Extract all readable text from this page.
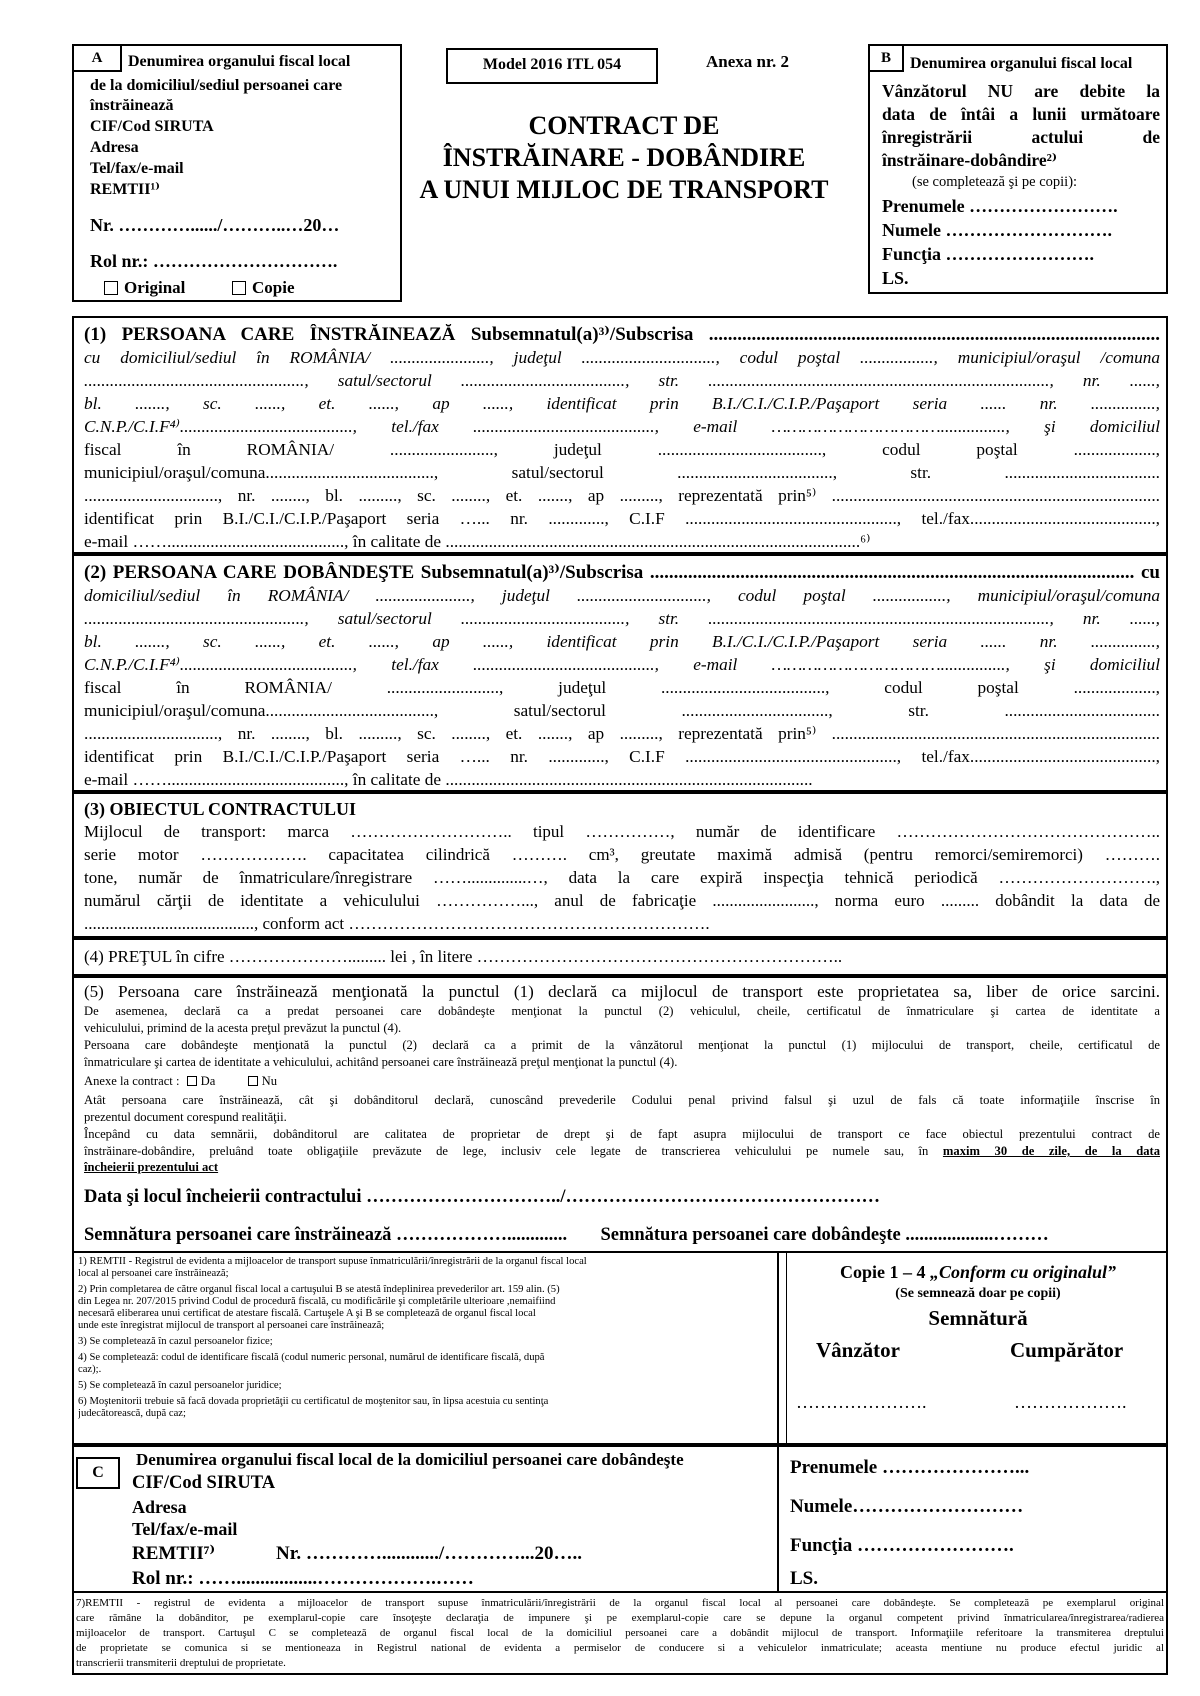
A	Denumirea organului fiscal local
de la domiciliul/sediul persoanei care
înstrăinează
CIF/Cod SIRUTA
Adresa
Tel/fax/e-mail
REMTII¹⁾
Nr. …………....../………..…20…
Rol nr.: ………………………….
Original	Copie
Model 2016 ITL 054	Anexa nr. 2
CONTRACT DE
ÎNSTRĂINARE - DOBÂNDIRE
A UNUI MIJLOC DE TRANSPORT
B	Denumirea organului fiscal local
Vânzătorul NU are debite la
data de întâi a lunii următoare
înregistrării actului de
înstrăinare-dobândire²⁾
(se completează şi pe copii):
Prenumele …………………….
Numele ……………………….
Funcţia …………………….
LS.
(1) PERSOANA CARE ÎNSTRĂINEAZĂ Subsemnatul(a)³⁾/Subscrisa ...............................................................................................
cu domiciliul/sediul în ROMÂNIA/ ......................., judeţul ..............................., codul poştal ................., municipiul/oraşul /comuna
..................................................., satul/sectorul ......................................, str. ..............................................................................., nr. ......,
bl. ......., sc. ......, et. ......, ap ......, identificat prin B.I./C.I./C.I.P./Paşaport seria ...... nr. ...............,
C.N.P./C.I.F⁴⁾........................................, tel./fax .........................................., e-mail ……………………………..............., şi domiciliul
fiscal în ROMÂNIA/ ........................, judeţul ......................................, codul poştal ...................,
municipiul/oraşul/comuna......................................., satul/sectorul ...................................., str. ....................................
..............................., nr. ........, bl. ........., sc. ........, et. ......., ap ........., reprezentată prin⁵⁾ ............................................................................
identificat prin B.I./C.I./C.I.P./Paşaport seria …... nr. ............., C.I.F ................................................., tel./fax...........................................,
e-mail ……........................................., în calitate de ................................................................................................⁶⁾
(2) PERSOANA CARE DOBÂNDEŞTE Subsemnatul(a)³⁾/Subscrisa ...................................................................................................... cu
domiciliul/sediul în ROMÂNIA/ ......................, judeţul .............................., codul poştal ................., municipiul/oraşul/comuna
..................................................., satul/sectorul ......................................, str. ..............................................................................., nr. ......,
bl. ......., sc. ......, et. ......, ap ......, identificat prin B.I./C.I./C.I.P./Paşaport seria ...... nr. ...............,
C.N.P./C.I.F⁴⁾........................................, tel./fax .........................................., e-mail ……………………………..............., şi domiciliul
fiscal în ROMÂNIA/ .........................., judeţul ......................................, codul poştal ...................,
municipiul/oraşul/comuna......................................., satul/sectorul .................................., str. ....................................
..............................., nr. ........, bl. ........., sc. ........, et. ......., ap ........., reprezentată prin⁵⁾ ............................................................................
identificat prin B.I./C.I./C.I.P./Paşaport seria …... nr. ............., C.I.F ................................................., tel./fax...........................................,
e-mail ……........................................., în calitate de .....................................................................................
(3) OBIECTUL CONTRACTULUI
Mijlocul de transport: marca ……………………….. tipul ……………, număr de identificare ………………………………………..
serie motor ………………. capacitatea cilindrică ………. cm³, greutate maximă admisă (pentru remorci/semiremorci) ……….
tone, număr de înmatriculare/înregistrare ……..............…, data la care expiră inspecţia tehnică periodică ……………………….,
numărul cărţii de identitate a vehiculului ……………..., anul de fabricaţie ........................, norma euro ......... dobândit la data de
........................................, conform act ……………………………………………………….
(4) PREŢUL în cifre …………………......... lei , în litere ………………………………………………………..
(5) Persoana care înstrăinează menţionată la punctul (1) declară ca mijlocul de transport este proprietatea sa, liber de orice sarcini.
De asemenea, declară ca a predat persoanei care dobândeşte menţionat la punctul (2) vehiculul, cheile, certificatul de înmatriculare şi cartea de identitate a
vehiculului, primind de la acesta preţul prevăzut la punctul (4).
Persoana care dobândeşte menţionată la punctul (2) declară ca a primit de la vânzătorul menţionat la punctul (1) mijlocului de transport, cheile, certificatul de
înmatriculare şi cartea de identitate a vehiculului, achitând persoanei care înstrăinează preţul menţionat la punctul (4).
Anexe la contract : Da	Nu
Atât persoana care înstrăinează, cât şi dobânditorul declară, cunoscând prevederile Codului penal privind falsul şi uzul de fals că toate informaţiile înscrise în
prezentul document corespund realităţii.
Începând cu data semnării, dobânditorul are calitatea de proprietar de drept şi de fapt asupra mijlocului de transport ce face obiectul prezentului contract de
înstrăinare-dobândire, preluând toate obligaţiile prevăzute de lege, inclusiv cele legate de transcrierea vehiculului pe numele sau, în maxim 30 de zile, de la data
încheierii prezentului act
Data şi locul încheierii contractului …………………………../……………………………………………
Semnătura persoanei care înstrăinează ………………............. Semnătura persoanei care dobândeşte ...................………
1) REMTII - Registrul de evidenta a mijloacelor de transport supuse înmatriculării/înregistrării de la organul fiscal local
local al persoanei care înstrăinează;
2) Prin completarea de către organul fiscal local a cartuşului B se atestă îndeplinirea prevederilor art. 159 alin. (5)
din Legea nr. 207/2015 privind Codul de procedură fiscală, cu modificările şi completările ulterioare ,nemaifiind
necesară eliberarea unui certificat de atestare fiscală. Cartuşele A şi B se completează de organul fiscal local
unde este înregistrat mijlocul de transport al persoanei care înstrăinează;
3) Se completează în cazul persoanelor fizice;
4) Se completează: codul de identificare fiscală (codul numeric personal, numărul de identificare fiscală, după
caz);.
5) Se completează în cazul persoanelor juridice;
6) Moştenitorii trebuie să facă dovada proprietăţii cu certificatul de moştenitor sau, în lipsa acestuia cu sentinţa
judecătorească, după caz;
Copie 1 – 4 „Conform cu originalul”
(Se semnează doar pe copii)
Semnătură
Vânzător	Cumpărător
………………….	……………….
C
Denumirea organului fiscal local de la domiciliul persoanei care dobândeşte
CIF/Cod SIRUTA
Adresa
Tel/fax/e-mail
REMTII⁷⁾	Nr. …………............/…………...20…..
Rol nr.: …….................……………….……
Prenumele …………………...
Numele………………………
Funcţia …………………….
LS.
7)REMTII - registrul de evidenta a mijloacelor de transport supuse înmatriculării/înregistrării de la organul fiscal local al persoanei care dobândeşte. Se completează pe exemplarul original
care rămâne la dobânditor, pe exemplarul-copie care însoţeşte declaraţia de impunere şi pe exemplarul-copie care se depune la organul competent privind înmatricularea/înregistrarea/radierea
mijloacelor de transport. Cartuşul C se completează de organul fiscal local de la domiciliul persoanei care a dobândit mijlocul de transport. Informaţiile referitoare la transmiterea dreptului
de proprietate se comunica si se mentioneaza in Registrul national de evidenta a permiselor de conducere si a vehiculelor inmatriculate; aceasta mentiune nu produce efectul juridic al
transcrierii transmiterii dreptului de proprietate.
